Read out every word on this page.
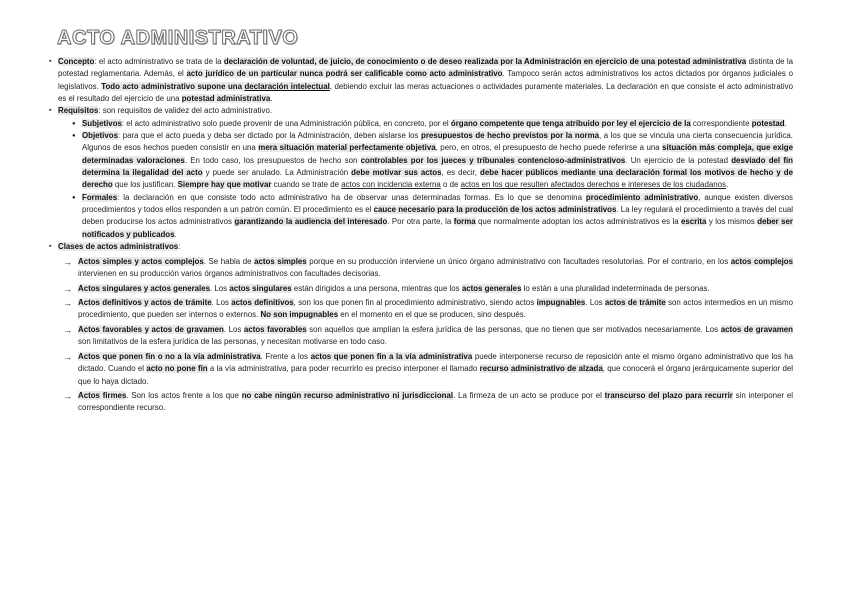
ACTO ADMINISTRATIVO

▪ Concepto: el acto administrativo se trata de la declaración de voluntad, de juicio, de conocimiento o de deseo realizada por la Administración en ejercicio de una potestad administrativa distinta de la potestad reglamentaria. Además, el acto jurídico de un particular nunca podrá ser calificable como acto administrativo. Tampoco serán actos administrativos los actos dictados por órganos judiciales o legislativos. Todo acto administrativo supone una declaración intelectual, debiendo excluir las meras actuaciones o actividades puramente materiales. La declaración en que consiste el acto administrativo es el resultado del ejercicio de una potestad administrativa.

▪ Requisitos: son requisitos de validez del acto administrativo.

● Subjetivos: el acto administrativo solo puede provenir de una Administración pública, en concreto, por el órgano competente que tenga atribuido por ley el ejercicio de la correspondiente potestad.

● Objetivos: para que el acto pueda y deba ser dictado por la Administración, deben aislarse los presupuestos de hecho previstos por la norma, a los que se vincula una cierta consecuencia jurídica. Algunos de esos hechos pueden consistir en una mera situación material perfectamente objetiva, pero, en otros, el presupuesto de hecho puede referirse a una situación más compleja, que exige determinadas valoraciones. En todo caso, los presupuestos de hecho son controlables por los jueces y tribunales contencioso-administrativos. Un ejercicio de la potestad desviado del fin determina la ilegalidad del acto y puede ser anulado. La Administración debe motivar sus actos, es decir, debe hacer públicos mediante una declaración formal los motivos de hecho y de derecho que los justifican. Siempre hay que motivar cuando se trate de actos con incidencia externa o de actos en los que resulten afectados derechos e intereses de los ciudadanos.

● Formales: la declaración en que consiste todo acto administrativo ha de observar unas determinadas formas. Es lo que se denomina procedimiento administrativo, aunque existen diversos procedimientos y todos ellos responden a un patrón común. El procedimiento es el cauce necesario para la producción de los actos administrativos. La ley regulará el procedimiento a través del cual deben producirse los actos administrativos garantizando la audiencia del interesado. Por otra parte, la forma que normalmente adoptan los actos administrativos es la escrita y los mismos deber ser notificados y publicados.

▪ Clases de actos administrativos:

→ Actos simples y actos complejos. Se habla de actos simples porque en su producción interviene un único órgano administrativo con facultades resolutorias. Por el contrario, en los actos complejos intervienen en su producción varios órganos administrativos con facultades decisorias.

→ Actos singulares y actos generales. Los actos singulares están dirigidos a una persona, mientras que los actos generales lo están a una pluralidad indeterminada de personas.

→ Actos definitivos y actos de trámite. Los actos definitivos, son los que ponen fin al procedimiento administrativo, siendo actos impugnables. Los actos de trámite son actos intermedios en un mismo procedimiento, que pueden ser internos o externos. No son impugnables en el momento en el que se producen, sino después.

→ Actos favorables y actos de gravamen. Los actos favorables son aquellos que amplían la esfera jurídica de las personas, que no tienen que ser motivados necesariamente. Los actos de gravamen son limitativos de la esfera jurídica de las personas, y necesitan motivarse en todo caso.

→ Actos que ponen fin o no a la vía administrativa. Frente a los actos que ponen fin a la vía administrativa puede interponerse recurso de reposición ante el mismo órgano administrativo que los ha dictado. Cuando el acto no pone fin a la vía administrativa, para poder recurrirlo es preciso interponer el llamado recurso administrativo de alzada, que conocerá el órgano jerárquicamente superior del que lo haya dictado.

→ Actos firmes. Son los actos frente a los que no cabe ningún recurso administrativo ni jurisdiccional. La firmeza de un acto se produce por el transcurso del plazo para recurrir sin interponer el correspondiente recurso.
